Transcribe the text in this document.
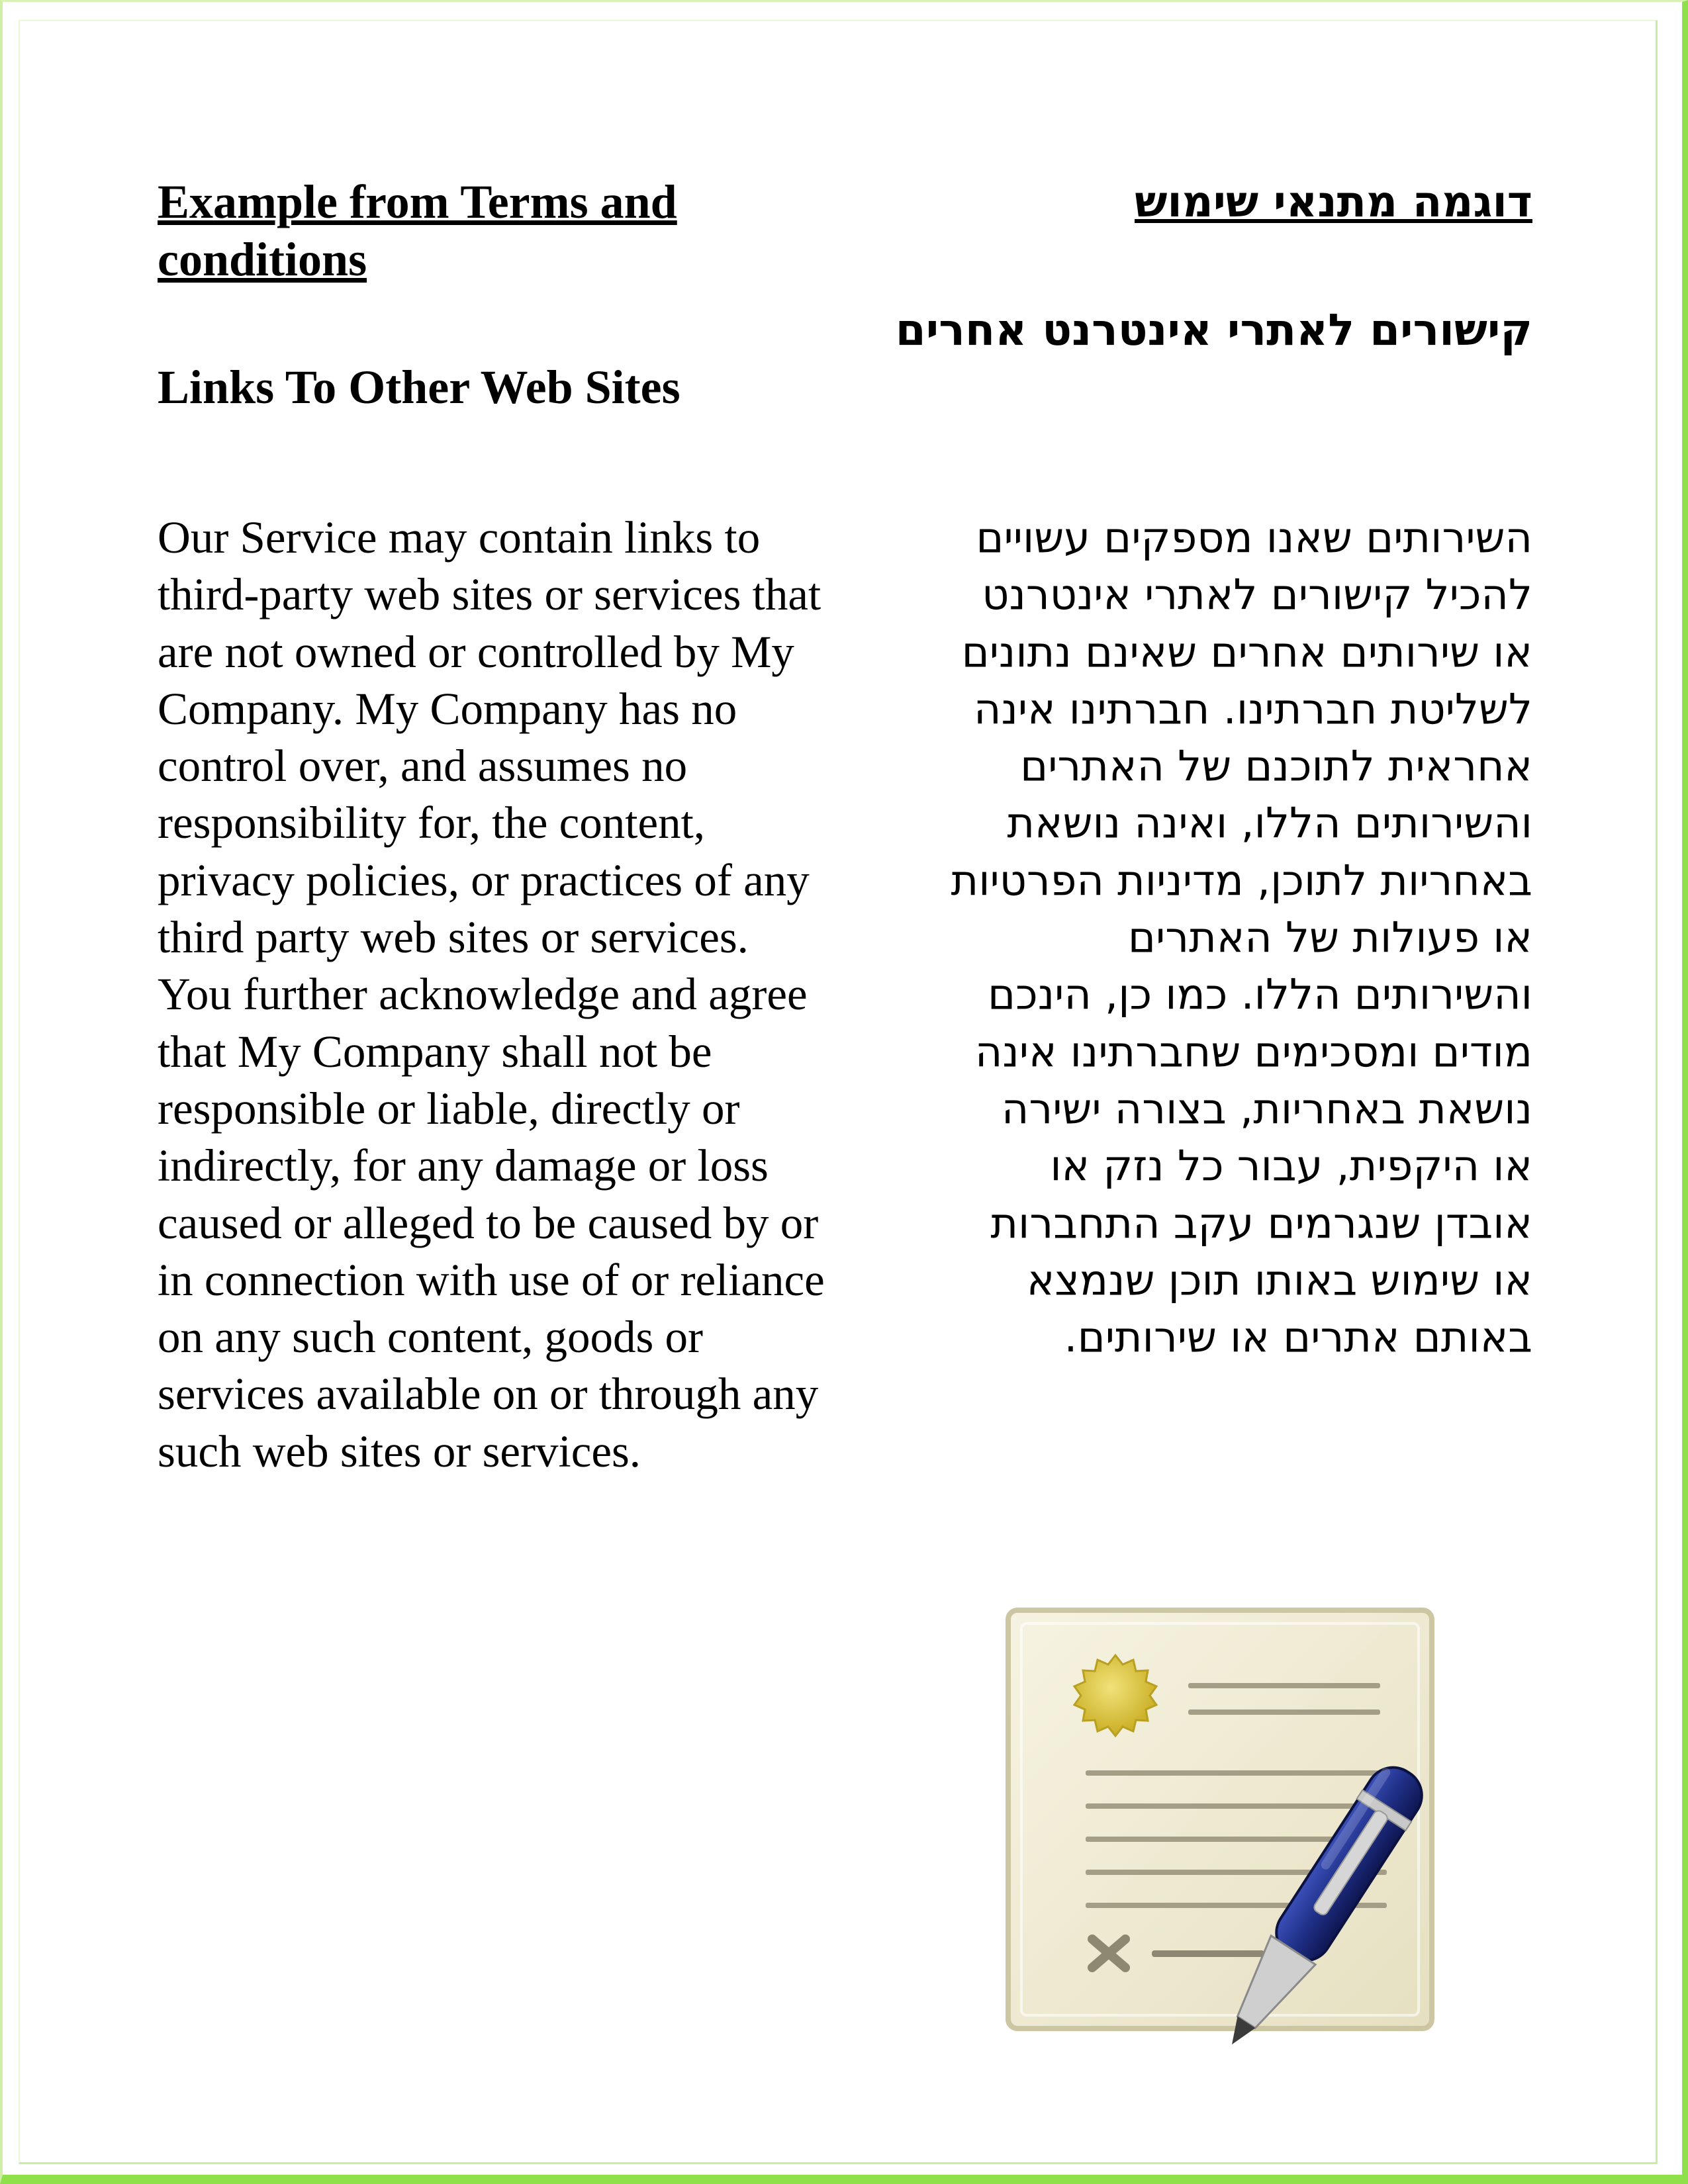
Example from Terms and conditions
Links To Other Web Sites

Our Service may contain links to third-party web sites or services that are not owned or controlled by My Company. My Company has no control over, and assumes no responsibility for, the content, privacy policies, or practices of any third party web sites or services. You further acknowledge and agree that My Company shall not be responsible or liable, directly or indirectly, for any damage or loss caused or alleged to be caused by or in connection with use of or reliance on any such content, goods or services available on or through any such web sites or services.

דוגמה מתנאי שימוש
קישורים לאתרי אינטרנט אחרים

השירותים שאנו מספקים עשויים
להכיל קישורים לאתרי אינטרנט
או שירותים אחרים שאינם נתונים
לשליטת חברתינו. חברתינו אינה
אחראית לתוכנם של האתרים
והשירותים הללו, ואינה נושאת
באחריות לתוכן, מדיניות הפרטיות
או פעולות של האתרים
והשירותים הללו. כמו כן, הינכם
מודים ומסכימים שחברתינו אינה
נושאת באחריות, בצורה ישירה
או היקפית, עבור כל נזק או
אובדן שנגרמים עקב התחברות
או שימוש באותו תוכן שנמצא
באותם אתרים או שירותים.
